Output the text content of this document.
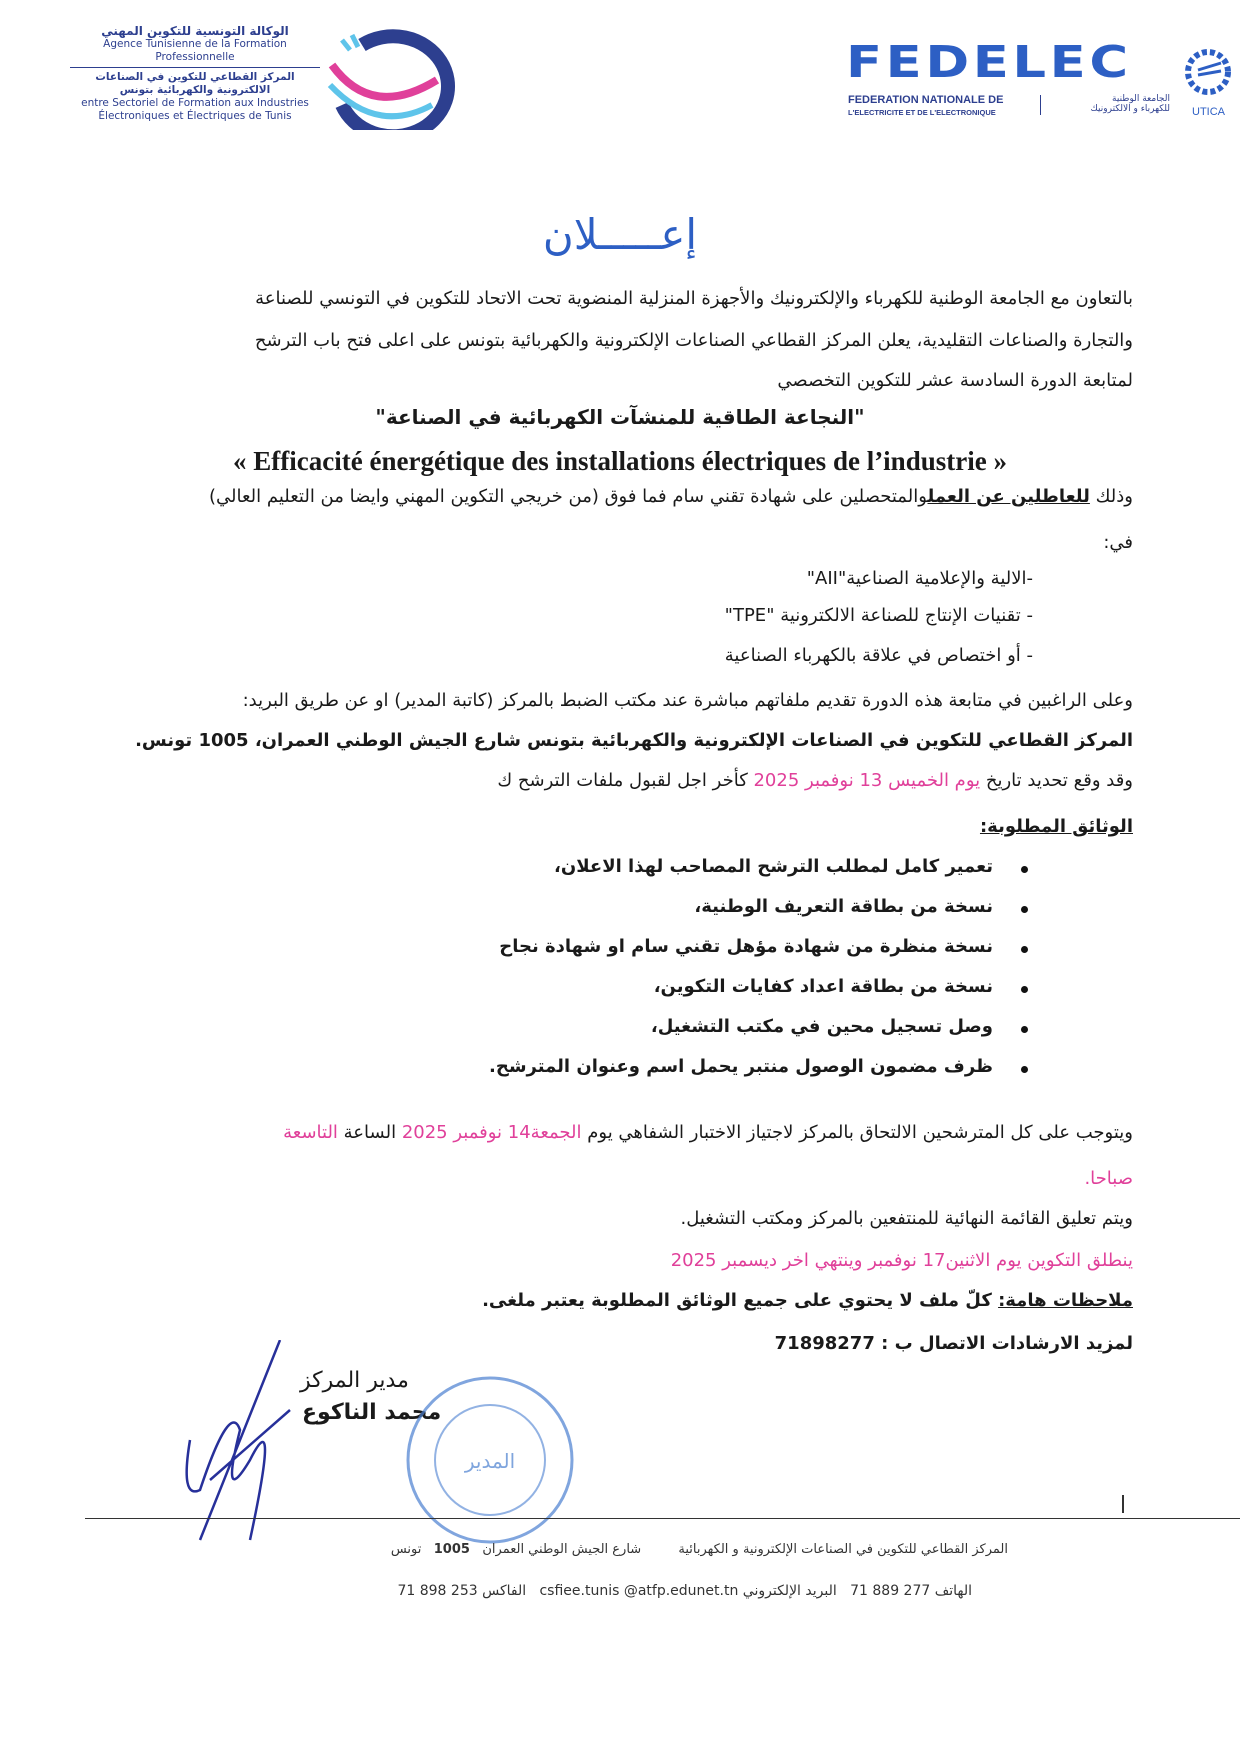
الوكالة التونسية للتكوين المهني
Agence Tunisienne de la Formation
Professionnelle
المركز القطاعي للتكوين في الصناعات
الالكترونية والكهربائية بتونس
entre Sectoriel de Formation aux Industries
Électroniques et Électriques de Tunis
FEDELEC
FEDERATION NATIONALE DE
L'ELECTRICITE ET DE L'ELECTRONIQUE
الجامعة الوطنية
للكهرباء و الالكترونيك UTICA
إعـــــلان
بالتعاون مع الجامعة الوطنية للكهرباء والإلكترونيك والأجهزة المنزلية المنضوية تحت الاتحاد للتكوين في التونسي للصناعة
والتجارة والصناعات التقليدية، يعلن المركز القطاعي الصناعات الإلكترونية والكهربائية بتونس على اعلى فتح باب الترشح
لمتابعة الدورة السادسة عشر للتكوين التخصصي
"النجاعة الطاقية للمنشآت الكهربائية في الصناعة"
« Efficacité énergétique des installations électriques de l’industrie »
وذلك للعاطلين عن العملوالمتحصلين على شهادة تقني سام فما فوق (من خريجي التكوين المهني وايضا من التعليم العالي)
في:
-الالية والإعلامية الصناعية"AII"
- تقنيات الإنتاج للصناعة الالكترونية "TPE"
- أو اختصاص في علاقة بالكهرباء الصناعية
وعلى الراغبين في متابعة هذه الدورة تقديم ملفاتهم مباشرة عند مكتب الضبط بالمركز (كاتبة المدير) او عن طريق البريد:
المركز القطاعي للتكوين في الصناعات الإلكترونية والكهربائية بتونس شارع الجيش الوطني العمران، 1005 تونس.
وقد وقع تحديد تاريخ يوم الخميس 13 نوفمبر 2025 كأخر اجل لقبول ملفات الترشح ك
الوثائق المطلوبة:
تعمير كامل لمطلب الترشح المصاحب لهذا الاعلان،
نسخة من بطاقة التعريف الوطنية،
نسخة منظرة من شهادة مؤهل تقني سام او شهادة نجاح
نسخة من بطاقة اعداد كفايات التكوين،
وصل تسجيل محين في مكتب التشغيل،
ظرف مضمون الوصول منتبر يحمل اسم وعنوان المترشح.
ويتوجب على كل المترشحين الالتحاق بالمركز لاجتياز الاختبار الشفاهي يوم الجمعة14 نوفمبر 2025 الساعة التاسعة
صباحا.
ويتم تعليق القائمة النهائية للمنتفعين بالمركز ومكتب التشغيل.
ينطلق التكوين يوم الاثنين17 نوفمبر وينتهي اخر ديسمبر 2025
ملاحظات هامة: كلّ ملف لا يحتوي على جميع الوثائق المطلوبة يعتبر ملغى.
لمزيد الارشادات الاتصال ب : 71898277
مدير المركز
محمد الناكوع
المدير
المركز القطاعي للتكوين في الصناعات الإلكترونية و الكهربائية         شارع الجيش الوطني العمران   1005   تونس
الهاتف 71 889 277   البريد الإلكتروني csfiee.tunis @atfp.edunet.tn   الفاكس 71 898 253
